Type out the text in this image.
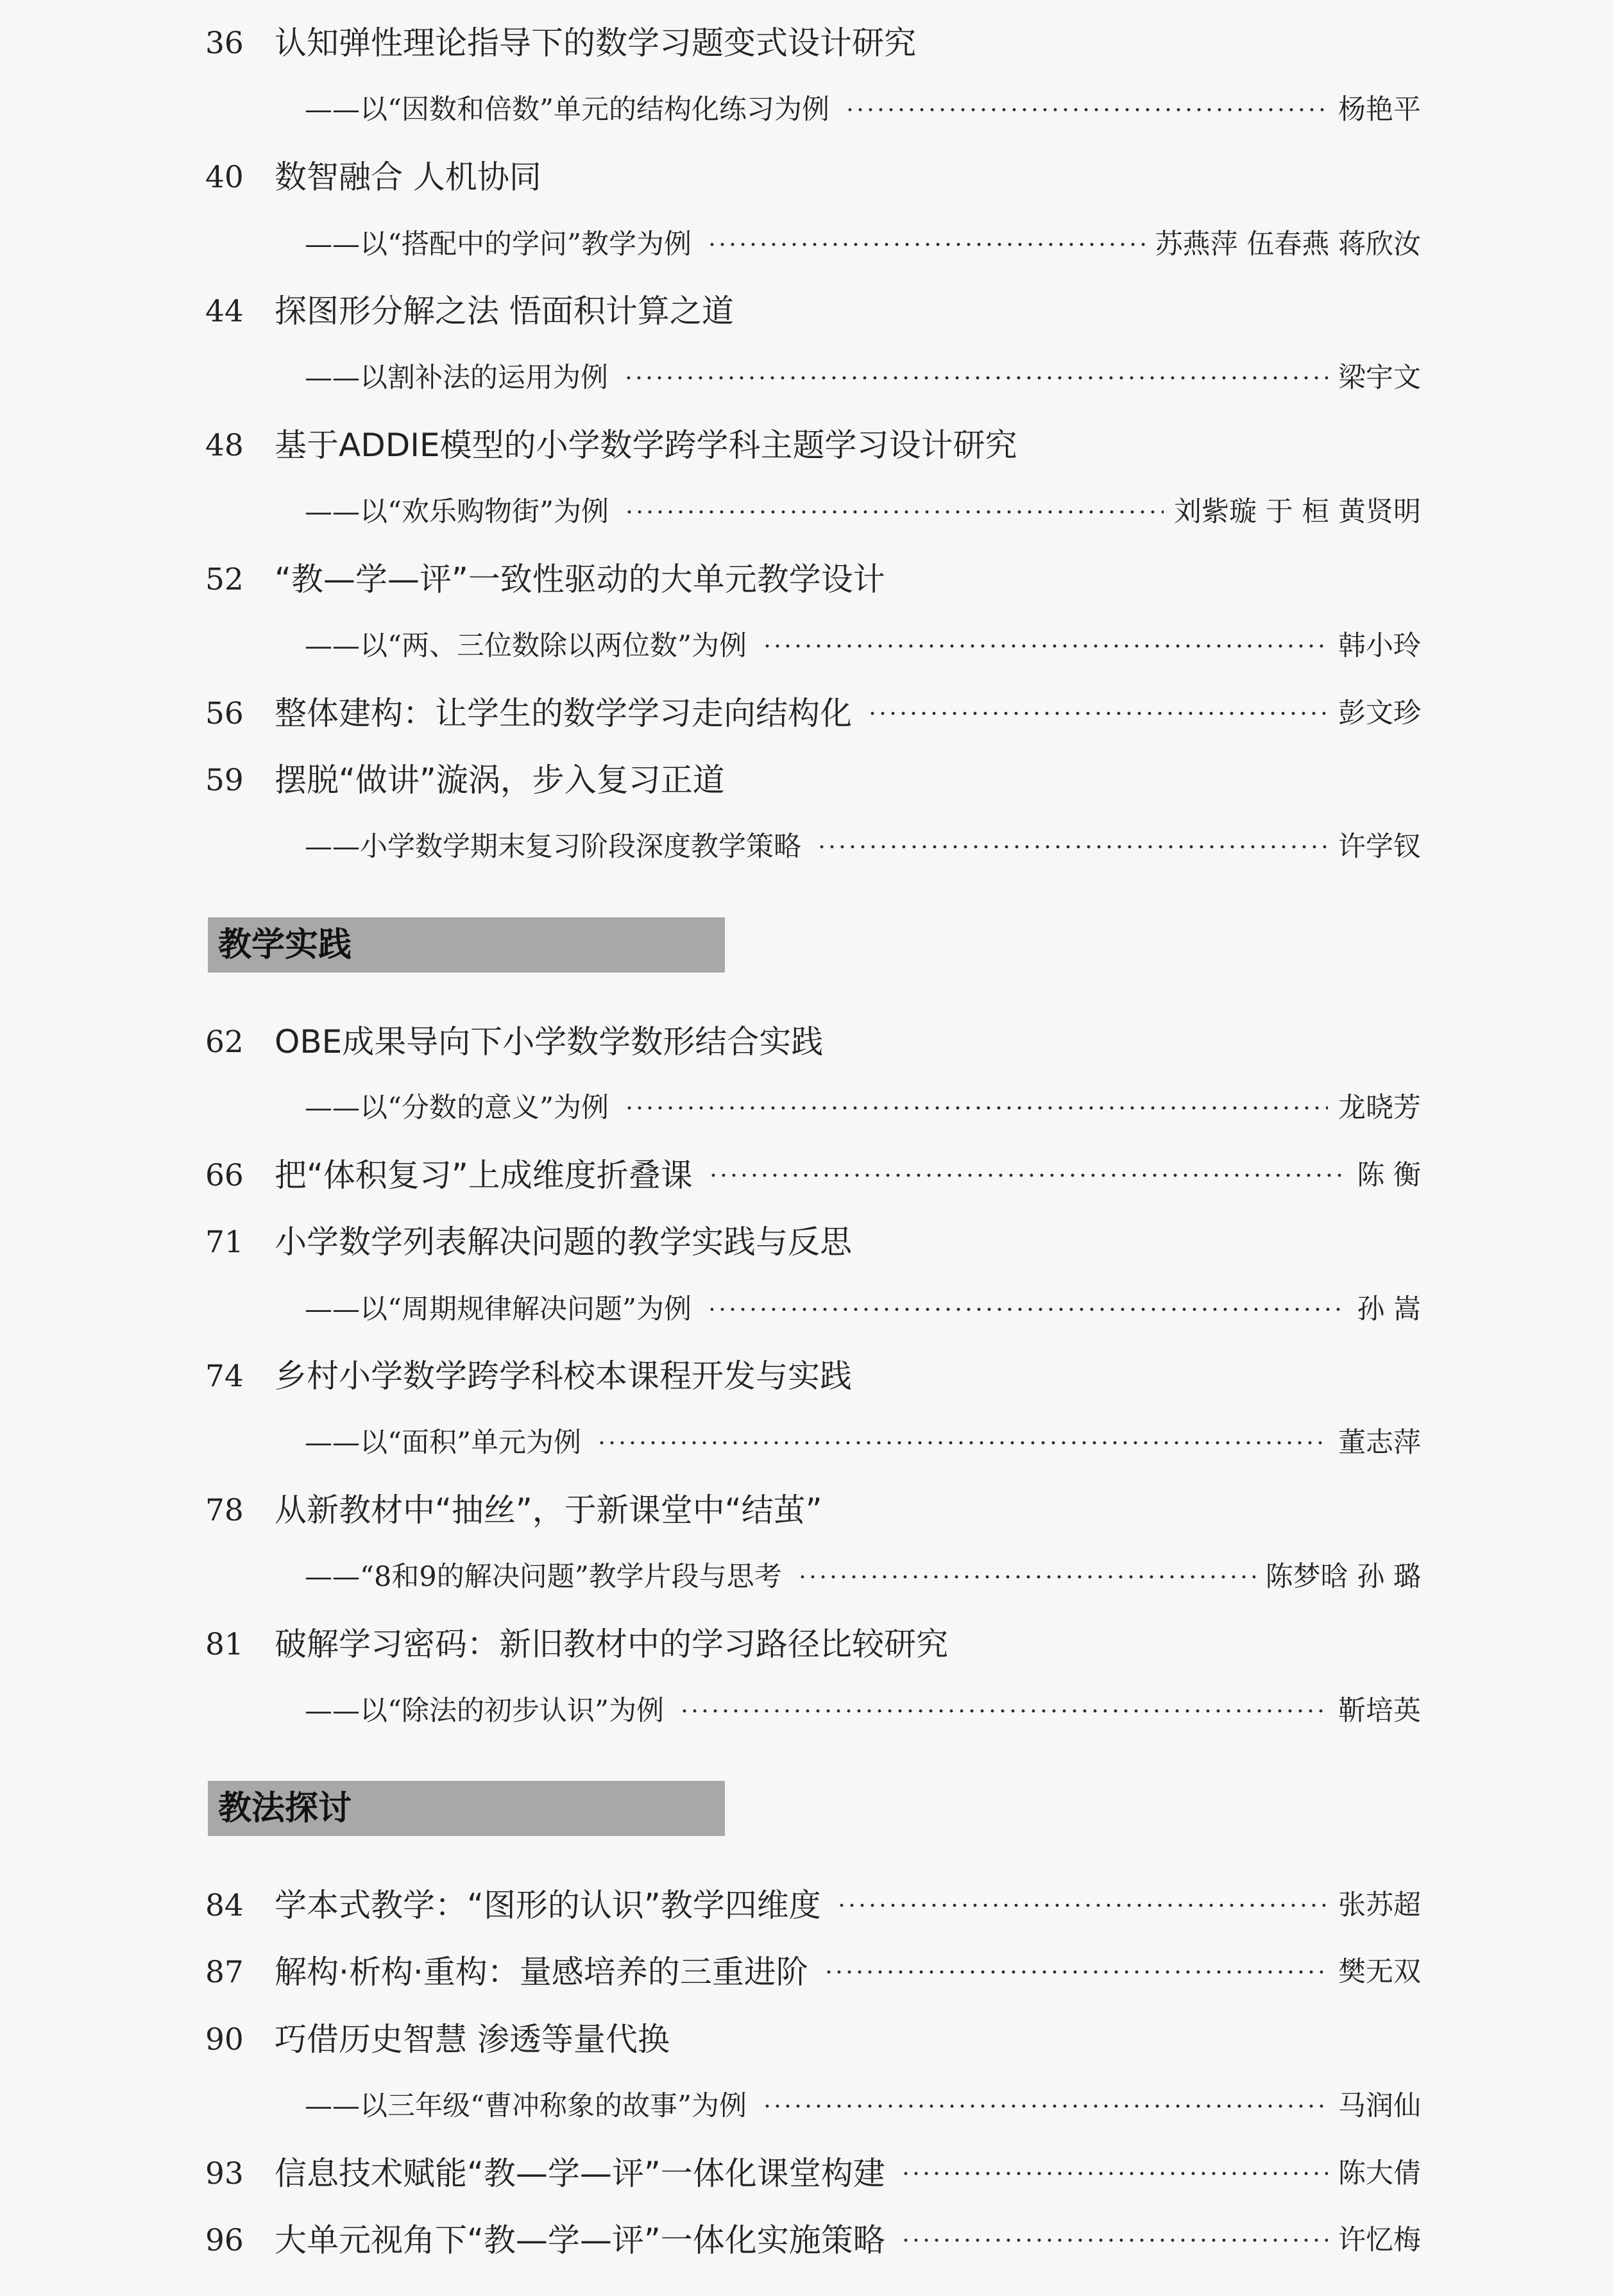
36 认知弹性理论指导下的数学习题变式设计研究
——以“因数和倍数”单元的结构化练习为例	杨艳平
40 数智融合 人机协同
——以“搭配中的学问”教学为例	苏燕萍 伍春燕 蒋欣汝
44 探图形分解之法 悟面积计算之道
——以割补法的运用为例	梁宇文
48 基于ADDIE模型的小学数学跨学科主题学习设计研究
——以“欢乐购物街”为例	刘紫璇 于 桓 黄贤明
52 “教—学—评”一致性驱动的大单元教学设计
——以“两、三位数除以两位数”为例	韩小玲
56 整体建构：让学生的数学学习走向结构化	彭文珍
59 摆脱“做讲”漩涡，步入复习正道
——小学数学期末复习阶段深度教学策略	许学钗
教学实践
62 OBE成果导向下小学数学数形结合实践
——以“分数的意义”为例	龙晓芳
66 把“体积复习”上成维度折叠课	陈 衡
71 小学数学列表解决问题的教学实践与反思
——以“周期规律解决问题”为例	孙 嵩
74 乡村小学数学跨学科校本课程开发与实践
——以“面积”单元为例	董志萍
78 从新教材中“抽丝”，于新课堂中“结茧”
——“8和9的解决问题”教学片段与思考	陈梦晗 孙 璐
81 破解学习密码：新旧教材中的学习路径比较研究
——以“除法的初步认识”为例	靳培英
教法探讨
84 学本式教学：“图形的认识”教学四维度	张苏超
87 解构·析构·重构：量感培养的三重进阶	樊无双
90 巧借历史智慧 渗透等量代换
——以三年级“曹冲称象的故事”为例	马润仙
93 信息技术赋能“教—学—评”一体化课堂构建	陈大倩
96 大单元视角下“教—学—评”一体化实施策略	许忆梅
